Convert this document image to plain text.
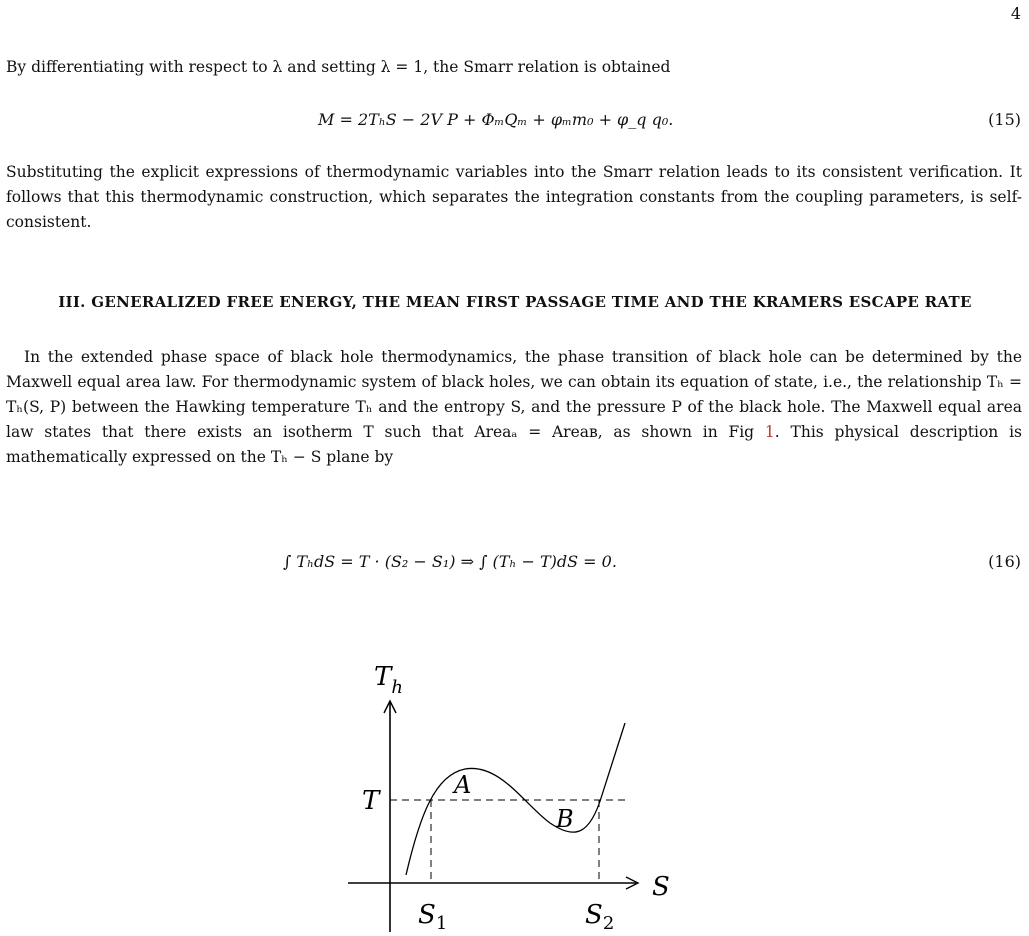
4

By differentiating with respect to λ and setting λ = 1, the Smarr relation is obtained

M = 2TₕS − 2V P + ΦₘQₘ + φₘm₀ + φ_q q₀.	(15)

Substituting the explicit expressions of thermodynamic variables into the Smarr relation leads to its consistent verification. It follows that this thermodynamic construction, which separates the integration constants from the coupling parameters, is self-consistent.

III. GENERALIZED FREE ENERGY, THE MEAN FIRST PASSAGE TIME AND THE KRAMERS ESCAPE RATE

In the extended phase space of black hole thermodynamics, the phase transition of black hole can be determined by the Maxwell equal area law. For thermodynamic system of black holes, we can obtain its equation of state, i.e., the relationship Tₕ = Tₕ(S, P) between the Hawking temperature Tₕ and the entropy S, and the pressure P of the black hole. The Maxwell equal area law states that there exists an isotherm T such that Areaₐ = Areaʙ, as shown in Fig 1. This physical description is mathematically expressed on the Tₕ − S plane by

∫ TₕdS = T · (S₂ − S₁) ⇒ ∫ (Tₕ − T)dS = 0.	(16)
$T_h$
T
A
B
S
$S_1$	$S_2$
